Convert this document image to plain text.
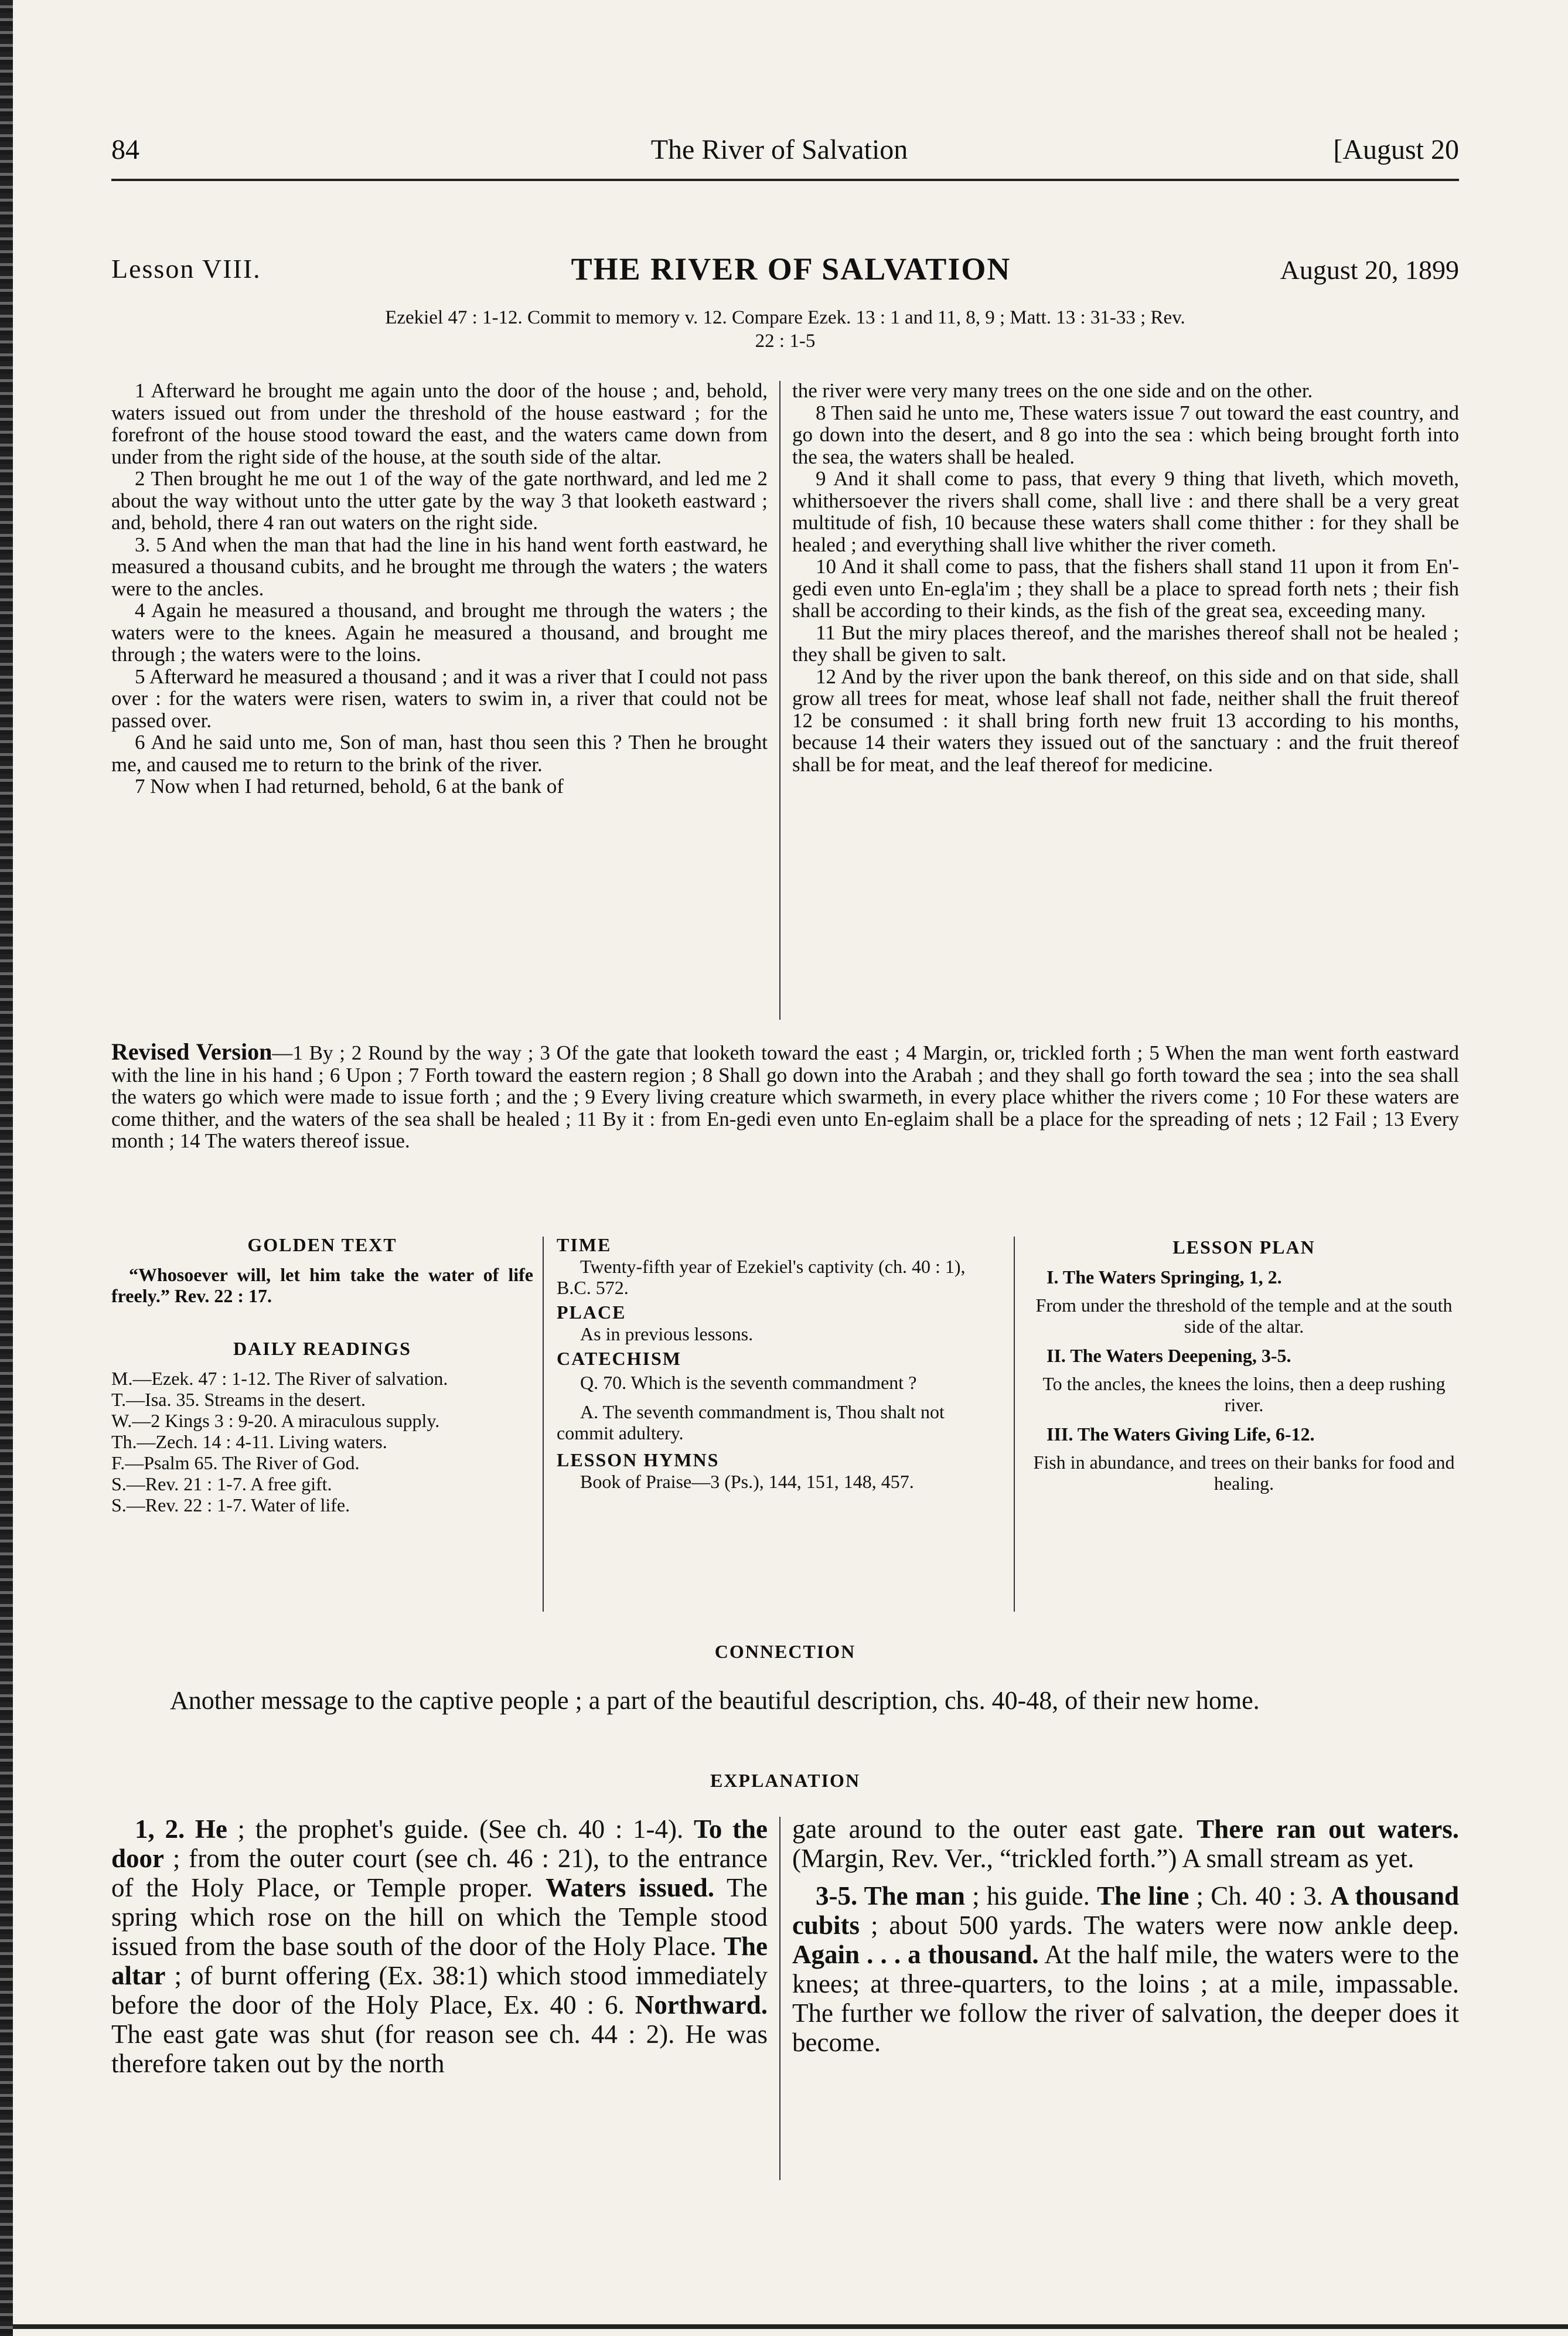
84	The River of Salvation	[August 20
Lesson VIII.	THE RIVER OF SALVATION	August 20, 1899
Ezekiel 47 : 1-12. Commit to memory v. 12. Compare Ezek. 13 : 1 and 11, 8, 9 ; Matt. 13 : 31-33 ; Rev.
22 : 1-5

1 Afterward he brought me again unto the door of the house ; and, behold, waters issued out from under the threshold of the house eastward ; for the forefront of the house stood toward the east, and the waters came down from under from the right side of the house, at the south side of the altar.

2 Then brought he me out 1 of the way of the gate northward, and led me 2 about the way without unto the utter gate by the way 3 that looketh eastward ; and, behold, there 4 ran out waters on the right side.

3. 5 And when the man that had the line in his hand went forth eastward, he measured a thousand cubits, and he brought me through the waters ; the waters were to the ancles.

4 Again he measured a thousand, and brought me through the waters ; the waters were to the knees. Again he measured a thousand, and brought me through ; the waters were to the loins.

5 Afterward he measured a thousand ; and it was a river that I could not pass over : for the waters were risen, waters to swim in, a river that could not be passed over.

6 And he said unto me, Son of man, hast thou seen this ? Then he brought me, and caused me to return to the brink of the river.

7 Now when I had returned, behold, 6 at the bank of

the river were very many trees on the one side and on the other.

8 Then said he unto me, These waters issue 7 out toward the east country, and go down into the desert, and 8 go into the sea : which being brought forth into the sea, the waters shall be healed.

9 And it shall come to pass, that every 9 thing that liveth, which moveth, whithersoever the rivers shall come, shall live : and there shall be a very great multitude of fish, 10 because these waters shall come thither : for they shall be healed ; and everything shall live whither the river cometh.

10 And it shall come to pass, that the fishers shall stand 11 upon it from En'-gedi even unto En-egla'im ; they shall be a place to spread forth nets ; their fish shall be according to their kinds, as the fish of the great sea, exceeding many.

11 But the miry places thereof, and the marishes thereof shall not be healed ; they shall be given to salt.

12 And by the river upon the bank thereof, on this side and on that side, shall grow all trees for meat, whose leaf shall not fade, neither shall the fruit thereof 12 be consumed : it shall bring forth new fruit 13 according to his months, because 14 their waters they issued out of the sanctuary : and the fruit thereof shall be for meat, and the leaf thereof for medicine.

Revised Version—1 By ; 2 Round by the way ; 3 Of the gate that looketh toward the east ; 4 Margin, or, trickled forth ; 5 When the man went forth eastward with the line in his hand ; 6 Upon ; 7 Forth toward the eastern region ; 8 Shall go down into the Arabah ; and they shall go forth toward the sea ; into the sea shall the waters go which were made to issue forth ; and the ; 9 Every living creature which swarmeth, in every place whither the rivers come ; 10 For these waters are come thither, and the waters of the sea shall be healed ; 11 By it : from En-gedi even unto En-eglaim shall be a place for the spreading of nets ; 12 Fail ; 13 Every month ; 14 The waters thereof issue.
GOLDEN TEXT
“Whosoever will, let him take the water of life freely.” Rev. 22 : 17.
DAILY READINGS

M.—Ezek. 47 : 1-12. The River of salvation.

T.—Isa. 35. Streams in the desert.

W.—2 Kings 3 : 9-20. A miraculous supply.

Th.—Zech. 14 : 4-11. Living waters.

F.—Psalm 65. The River of God.

S.—Rev. 21 : 1-7. A free gift.

S.—Rev. 22 : 1-7. Water of life.

TIME
Twenty-fifth year of Ezekiel's captivity (ch. 40 : 1), B.C. 572.
PLACE
As in previous lessons.
CATECHISM
Q. 70. Which is the seventh commandment ?
A. The seventh commandment is, Thou shalt not commit adultery.
LESSON HYMNS
Book of Praise—3 (Ps.), 144, 151, 148, 457.
LESSON PLAN
I. The Waters Springing, 1, 2.
From under the threshold of the temple and at the south side of the altar.
II. The Waters Deepening, 3-5.
To the ancles, the knees the loins, then a deep rushing river.
III. The Waters Giving Life, 6-12.
Fish in abundance, and trees on their banks for food and healing.
CONNECTION
Another message to the captive people ; a part of the beautiful description, chs. 40-48, of their new home.
EXPLANATION

1, 2. He ; the prophet's guide. (See ch. 40 : 1-4). To the door ; from the outer court (see ch. 46 : 21), to the entrance of the Holy Place, or Temple proper. Waters issued. The spring which rose on the hill on which the Temple stood issued from the base south of the door of the Holy Place. The altar ; of burnt offering (Ex. 38:1) which stood immediately before the door of the Holy Place, Ex. 40 : 6. Northward. The east gate was shut (for reason see ch. 44 : 2). He was therefore taken out by the north

gate around to the outer east gate. There ran out waters. (Margin, Rev. Ver., “trickled forth.”) A small stream as yet.

3-5. The man ; his guide. The line ; Ch. 40 : 3. A thousand cubits ; about 500 yards. The waters were now ankle deep. Again . . . a thousand. At the half mile, the waters were to the knees; at three-quarters, to the loins ; at a mile, impassable. The further we follow the river of salvation, the deeper does it become.
